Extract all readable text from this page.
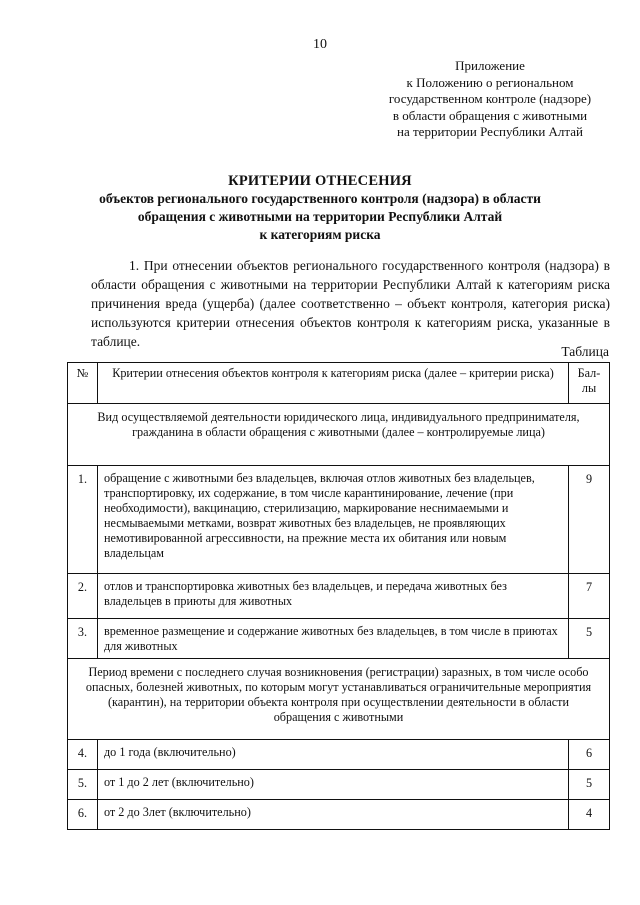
10
Приложение
к Положению о региональном
государственном контроле (надзоре)
в области обращения с животными
на территории Республики Алтай
КРИТЕРИИ ОТНЕСЕНИЯ
объектов регионального государственного контроля (надзора) в области
обращения с животными на территории Республики Алтай
к категориям риска
1. При отнесении объектов регионального государственного контроля (надзора) в области обращения с животными на территории Республики Алтай к категориям риска причинения вреда (ущерба) (далее соответственно – объект контроля, категория риска) используются критерии отнесения объектов контроля к категориям риска, указанные в таблице.
Таблица
№	Критерии отнесения объектов контроля к категориям риска (далее – критерии риска)	Бал-лы
Вид осуществляемой деятельности юридического лица, индивидуального предпринимателя, гражданина в области обращения с животными (далее – контролируемые лица)		
1.	обращение с животными без владельцев, включая отлов животных без владельцев, транспортировку, их содержание, в том числе карантинирование, лечение (при необходимости), вакцинацию, стерилизацию, маркирование неснимаемыми и несмываемыми метками, возврат животных без владельцев, не проявляющих немотивированной агрессивности, на прежние места их обитания или новым владельцам	9
2.	отлов и транспортировка животных без владельцев, и передача животных без владельцев в приюты для животных	7
3.	временное размещение и содержание животных без владельцев, в том числе в приютах для животных	5
Период времени с последнего случая возникновения (регистрации) заразных, в том числе особо опасных, болезней животных, по которым могут устанавливаться ограничительные мероприятия (карантин), на территории объекта контроля при осуществлении деятельности в области обращения с животными		
4.	до 1 года (включительно)	6
5.	от 1 до 2 лет (включительно)	5
6.	от 2 до 3лет (включительно)	4
